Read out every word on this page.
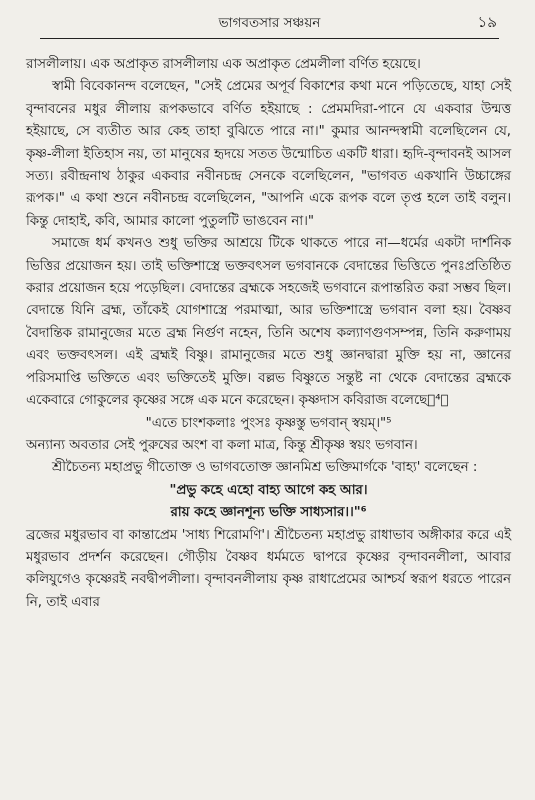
ভাগবতসার সঞ্চয়ন	১৯

রাসলীলায়। এক অপ্রাকৃত রাসলীলায় এক অপ্রাকৃত প্রেমলীলা বর্ণিত হয়েছে।

স্বামী বিবেকানন্দ বলেছেন, "সেই প্রেমের অপূর্ব বিকাশের কথা মনে পড়িতেছে, যাহা সেই বৃন্দাবনের মধুর লীলায় রূপকভাবে বর্ণিত হইয়াছে : প্রেমমদিরা-পানে যে একবার উন্মত্ত হইয়াছে, সে ব্যতীত আর কেহ তাহা বুঝিতে পারে না।" কুমার আনন্দস্বামী বলেছিলেন যে, কৃষ্ণ-লীলা ইতিহাস নয়, তা মানুষের হৃদয়ে সতত উন্মোচিত একটি ধারা। হৃদি-বৃন্দাবনই আসল সত্য। রবীন্দ্রনাথ ঠাকুর একবার নবীনচন্দ্র সেনকে বলেছিলেন, "ভাগবত একখানি উচ্চাঙ্গের রূপক।" এ কথা শুনে নবীনচন্দ্র বলেছিলেন, "আপনি একে রূপক বলে তৃপ্ত হলে তাই বলুন। কিন্তু দোহাই, কবি, আমার কালো পুতুলটি ভাঙবেন না।"

সমাজে ধর্ম কখনও শুধু ভক্তির আশ্রয়ে টিকে থাকতে পারে না—ধর্মের একটা দার্শনিক ভিত্তির প্রয়োজন হয়। তাই ভক্তিশাস্ত্রে ভক্তবৎসল ভগবানকে বেদান্তের ভিত্তিতে পুনঃপ্রতিষ্ঠিত করার প্রয়োজন হয়ে পড়েছিল। বেদান্তের ব্রহ্মকে সহজেই ভগবানে রূপান্তরিত করা সম্ভব ছিল। বেদান্তে যিনি ব্রহ্ম, তাঁকেই যোগশাস্ত্রে পরমাত্মা, আর ভক্তিশাস্ত্রে ভগবান বলা হয়। বৈষ্ণব বৈদান্তিক রামানুজের মতে ব্রহ্ম নির্গুণ নহেন, তিনি অশেষ কল্যাণগুণসম্পন্ন, তিনি করুণাময় এবং ভক্তবৎসল। এই ব্রহ্মই বিষ্ণু। রামানুজের মতে শুধু জ্ঞানদ্বারা মুক্তি হয় না, জ্ঞানের পরিসমাপ্তি ভক্তিতে এবং ভক্তিতেই মুক্তি। বল্লভ বিষ্ণুতে সন্তুষ্ট না থেকে বেদান্তের ব্রহ্মকে একেবারে গোকুলের কৃষ্ণের সঙ্গে এক মনে করেছেন। কৃষ্ণদাস কবিরাজ বলেছেন⁴ঃ

"এতে চাংশকলাঃ পুংসঃ কৃষ্ণস্তু ভগবান্ স্বয়ম্।"⁵

অন্যান্য অবতার সেই পুরুষের অংশ বা কলা মাত্র, কিন্তু শ্রীকৃষ্ণ স্বয়ং ভগবান।

শ্রীচৈতন্য মহাপ্রভু গীতোক্ত ও ভাগবতোক্ত জ্ঞানমিশ্র ভক্তিমার্গকে 'বাহ্য' বলেছেন :

"প্রভু কহে এহো বাহ্য আগে কহ আর।

রায় কহে জ্ঞানশূন্য ভক্তি সাধ্যসার।।"⁶

ব্রজের মধুরভাব বা কান্তাপ্রেম 'সাধ্য শিরোমণি'। শ্রীচৈতন্য মহাপ্রভু রাধাভাব অঙ্গীকার করে এই মধুরভাব প্রদর্শন করেছেন। গৌড়ীয় বৈষ্ণব ধর্মমতে দ্বাপরে কৃষ্ণের বৃন্দাবনলীলা, আবার কলিযুগেও কৃষ্ণেরই নবদ্বীপলীলা। বৃন্দাবনলীলায় কৃষ্ণ রাধাপ্রেমের আশ্চর্য স্বরূপ ধরতে পারেন নি, তাই এবার
